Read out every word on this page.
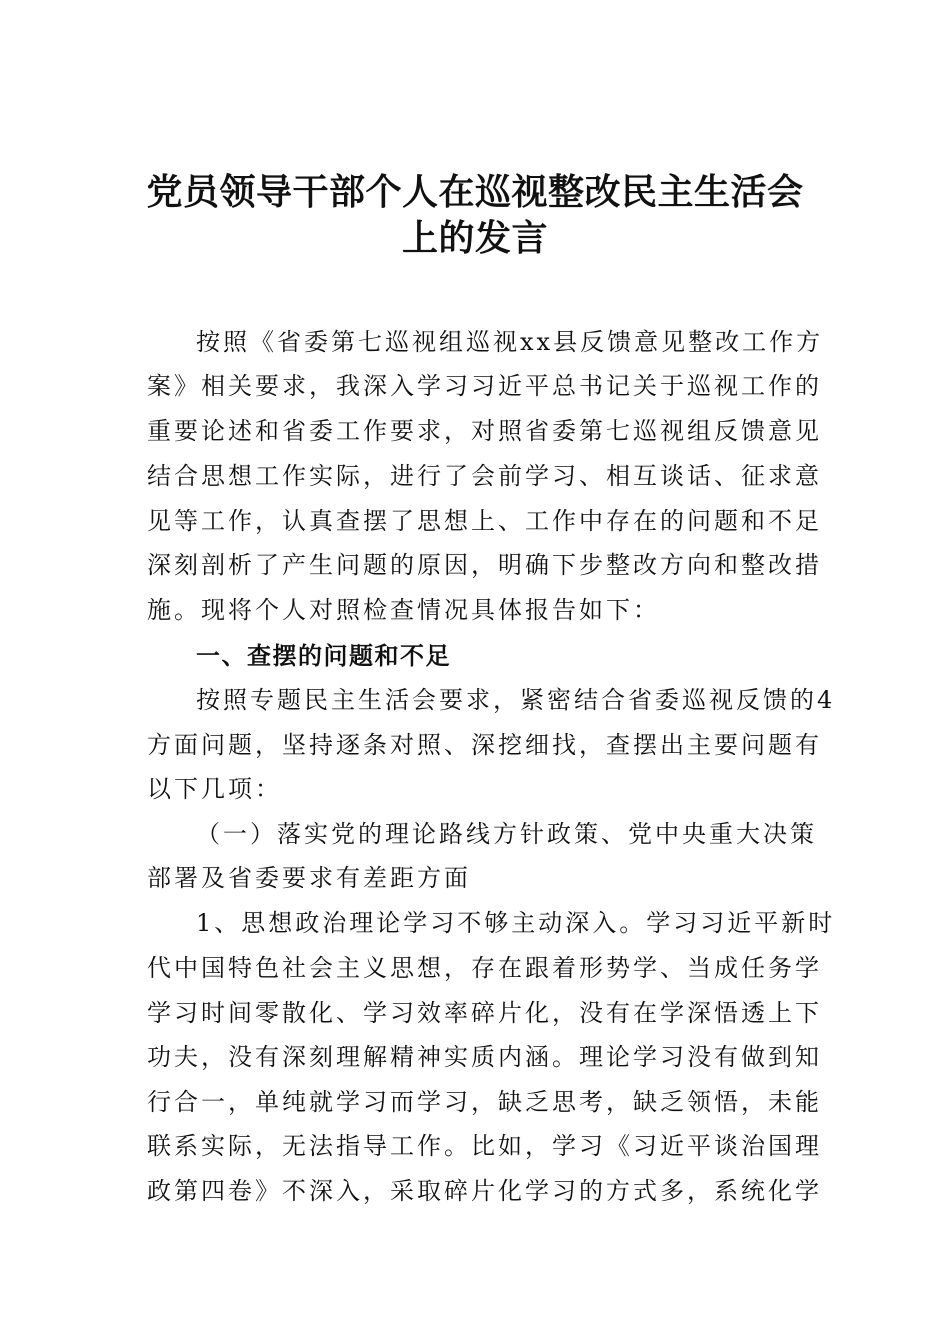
党员领导干部个人在巡视整改民主生活会
上的发言

按照《省委第七巡视组巡视xx县反馈意见整改工作方

案》相关要求，我深入学习习近平总书记关于巡视工作的

重要论述和省委工作要求，对照省委第七巡视组反馈意见

结合思想工作实际，进行了会前学习、相互谈话、征求意

见等工作，认真查摆了思想上、工作中存在的问题和不足

深刻剖析了产生问题的原因，明确下步整改方向和整改措

施。现将个人对照检查情况具体报告如下：

一、查摆的问题和不足

按照专题民主生活会要求，紧密结合省委巡视反馈的4

方面问题，坚持逐条对照、深挖细找，查摆出主要问题有

以下几项：

（一）落实党的理论路线方针政策、党中央重大决策

部署及省委要求有差距方面

1、思想政治理论学习不够主动深入。学习习近平新时

代中国特色社会主义思想，存在跟着形势学、当成任务学

学习时间零散化、学习效率碎片化，没有在学深悟透上下

功夫，没有深刻理解精神实质内涵。理论学习没有做到知

行合一，单纯就学习而学习，缺乏思考，缺乏领悟，未能

联系实际，无法指导工作。比如，学习《习近平谈治国理

政第四卷》不深入，采取碎片化学习的方式多，系统化学
